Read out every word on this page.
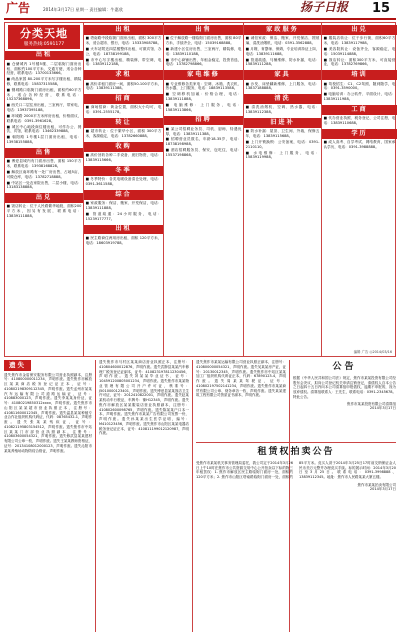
广告	2014年3月17日 星期一 责任编辑：牛惠欣	扬子日报 15
分类天地
服务热线:0591177
出租
■ 仓储城内 1号楼5楼、二层临街门面房出租，面积约100平方米，交通方便，适合各种经营，联系电话：13700133666。
■ 尚品家园 80-200平方米写字楼出租，精装修，联系电话：15837315588。
■ 钢城路口临街门面房出租，面积约60平方米，适合各种经营，联系电话：15237368896。
■ 西关口二层住房出租，三室两厅，带家电，电话：13937395188。
■ 环城路 2000平方米库房出租，价格面议，联系电话：0391-3961628。
■ 城区中心地段商住楼出租，可作办公、餐饮、宾馆，联系电话：13462339888。
■ 朝阳路 1号楼1层门面房出租，电话：13938155888。
出售
■ 博爱县城内有门面房出售，面积 150平方米，联系电话：13938168828。
■ 解放区南环路有一处厂房出售，占地5亩，可做仓库，电话：13782718888。
■ 中站区一处农家院出售，二层小楼，电话：13183138888。
出兑
■ 饭店转让：位于人民路繁华地段，面积200平方米，因另有发展，联系电话：13839111888。
出租
■ 塔南路中段临街门面房出租，面积 300平方米，适合超市、银行，电话：15333908788。
■ 火车站附近四层楼整体出租，可做宾馆、办公，电话：18738199188。
■ 市中心写字楼出租，精装修，带空调，电话：13839112188。
求租
■ 高价求租门面房一间，面积50-100平方米，电话：13839111388。
招商
■ 商场招商：黄金位置，面积大小均可，电话：0391-2555178。
转让
■ 超市转让：位于繁华小区，面积 300平方米，客源稳定，电话：13782660888。
收购
■ 高价回收各种二手设备、废旧物资，电话：13839115666。
冬季
■ 冬季特价：各类电暖设备清仓处理，电话：0391-3611588。
综合
■ 家政服务：保洁、搬家、开荒保洁，电话：13839111888。
■ 管道疏通：24小时服务，电话：15239177777。
出租
■ 民主路商住两用房出租，面积 120平方米，电话：18603919788。
出售
■ 位于解放路一楼临街门面房出售，面积 80平方米，手续齐全，电话：15039168888。
■ 新建小区住房出售，三室两厅，精装修，电话：13839110188。
■ 市中心商铺出售，年租金稳定，投资首选，电话：13782798866。
家电维修
■ 专业维修各类家电：空调、冰箱、洗衣机、热水器，上门服务，电话：18839113588。
■ 空调移机加氟：价格合理，电话：13839111888。
■ 电脑维修：上门服务，电话：15839113866。
招聘
■ 某公司招聘业务员、司机、厨师，待遇优厚，电话：13839111388。
■ 招聘营业员数名，年龄18-35岁，电话：18738198988。
■ 酒店招聘服务员、保安，包吃住，电话：15537198868。
家政服务
■ 诚信家政：保洁、搬家、开荒保洁、擦玻璃、清洗油烟机，电话：0391-3562888。
■ 月嫂、育婴师、保姆，专业培训持证上岗，电话：13839111688。
■ 管道疏通、马桶维修、防水补漏，电话：15839111288。
家具
■ 沙发、床垫翻新维修，上门服务，电话：13837188888。
清洗
■ 清洗油烟机、空调、热水器，电话：13839112388。
旧进补
■ 防水补漏：屋顶、卫生间、外墙，保修五年，电话：13839115688。
■ 上门开锁换锁：公安备案，电话：0391-2110110。
■ 水电维修：上门服务，电话：15839119988。
出兑
■ 服装店转让：位于步行街，面积60平方米，电话：13839117988。
■ 美容院转让：设备齐全，客源稳定，电话：15039114888。
■ 饭店转让：面积300平方米，可直接营业，电话：13782769866。
培训
■ 驾校招生：C1、C2驾照，随到随学，电话：0391-3590000。
■ 电脑培训：办公软件、平面设计，电话：13839111988。
工商
■ 代办营业执照、税务登记、公司注册，电话：13839110688。
学历
■ 成人高考、自学考试、网络教育，国家承认学历，电话：0391-3988888。
编辑 广告 ◎2014/03/16
遗失
遗失焦作市金盾保安服务有限公司营业执照副本，注册号：410800000011234，声明作废。遗失焦作市解放区某某商店税务登记证正本，证号：410802198309112345，声明作废。遗失孟州市某某汽车运输有限公司道路运输证，证号：410883000123，声明作废。遗失李某某身份证，证号：41080219850312xxxx，声明作废。遗失焦作市山阳区某某超市营业执照正本，注册号：410811600012345，声明作废。遗失温县某某种植专业合作社组织机构代码证，代码：08765432-1，声明作废。遗失张某某残疾证，证号：410821195803154512，声明作废。遗失焦作市中站区某某门市部营业执照副本，注册号：410803600054321，声明作废。遗失修武县某某建材有限公司公章一枚，声明作废。遗失王某某教师资格证，证号：20134108012000123，声明作废。遗失沁阳市某某养殖场动物防疫合格证，声明作废。
遗失焦作市马村区某某商店营业执照正本，注册号：410804600012876，声明作废。遗失武陟县某某汽车修理厂税务登记证副本，证号：410823197811230456，声明作废。遗失刘某某毕业证书，证号：104591200805001234，声明作废。遗失焦作市某某物业管理有限公司开户许可证，核准号：J5010000123401，声明作废。遗失博爱县某某饭店卫生许可证，证号：2012410822001，声明作废。遗失赵某某机动车行驶证，车牌号：豫H12345，声明作废。遗失焦作市解放区某某服装店营业执照副本，注册号：410802600098765，声明作废。遗失陈某某户口本一本，声明作废。遗失焦作市某某广告有限公司发票一份，声明作废。遗失孙某某出生医学证明，编号：M410123456，声明作废。遗失焦作市山阳区某某电器店税务登记证正本，证号：410811199012120987，声明作废。
遗失焦作市某某运输有限公司营业执照正副本，注册号：410800000054321，声明作废。遗失吴某某房产证，证号：20130012345，声明作废。遗失焦作市中站区某某加工厂组织机构代码证正本，代码：67890123-4，声明作废。遗失周某某驾驶证，证号：410802197502141234，声明作废。遗失焦作市某某商贸有限公司公章、财务章各一枚，声明作废。遗失某某建筑工程有限公司资质证书副本，声明作废。
公告
根据《中华人民共和国公司法》规定，焦作市某某投资有限公司经股东会决议，拟向公司登记机关申请注销登记，请债权人自本公告之日起四十五日内向本公司清算组申报债权，逾期不申报的，视为放弃债权。清算组联系人：王先生，联系电话：0391-2345678。特此公告。
焦作市某某投资有限公司清算组
2014年3月17日
租赁权拍卖公告
受焦作市某某机关事务管理局委托，我公司定于2014年3月26日上午10时在焦作市公共资源交易中心公开拍卖以下标的物三年租赁权：1. 焦作市解放区民主路临街门面房一处，面积约120平方米；2. 焦作市山阳区塔南路临街门面房一处，面积约85平方米。竞买人须于2014年3月25日17时前交纳保证金人民币叁万元整并办理竞买手续。标的展示时间：2014年3月20日至3月25日。联系电话：0391-3998888、13839112345。地址：焦作市人民路某某大厦五楼。
焦作市某某拍卖有限公司
2014年3月17日
